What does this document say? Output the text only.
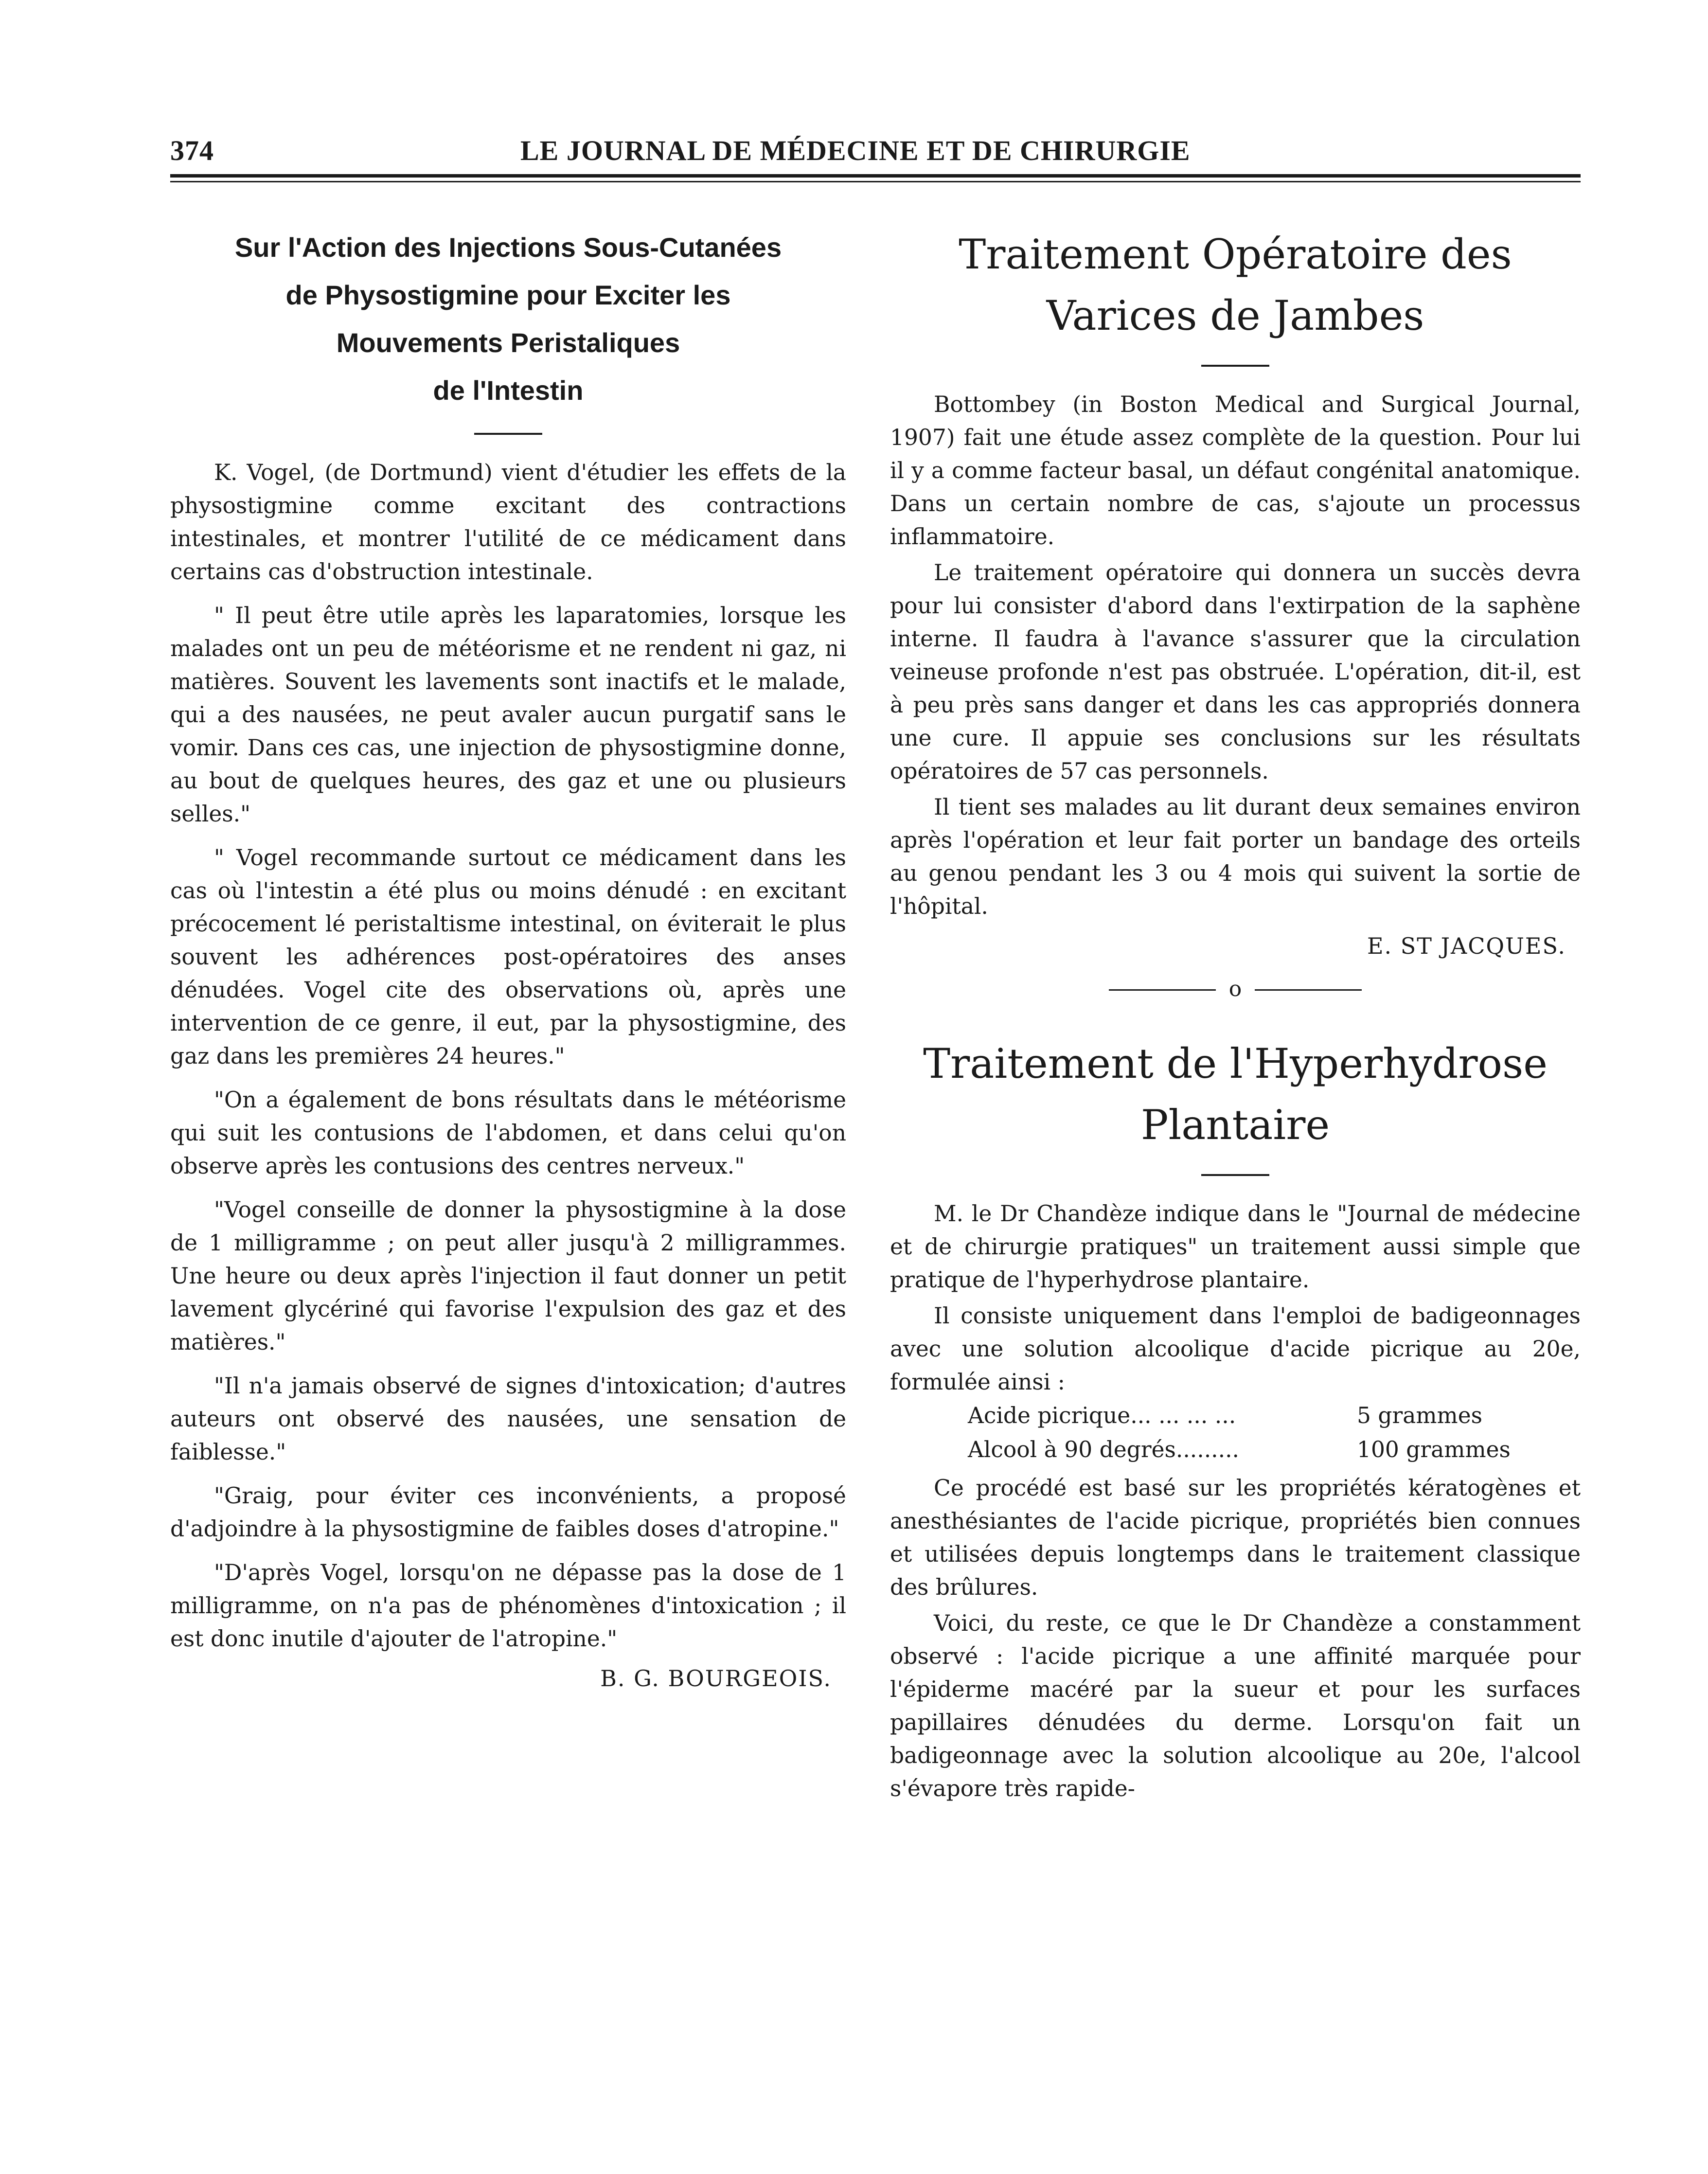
374	LE JOURNAL DE MÉDECINE ET DE CHIRURGIE
Sur l'Action des Injections Sous-Cutanées
de Physostigmine pour Exciter les
Mouvements Peristaliques
de l'Intestin

K. Vogel, (de Dortmund) vient d'étudier les effets de la physostigmine comme excitant des contractions intestinales, et montrer l'utilité de ce médicament dans certains cas d'obstruction intestinale.

" Il peut être utile après les laparatomies, lorsque les malades ont un peu de météorisme et ne rendent ni gaz, ni matières. Souvent les lavements sont inactifs et le malade, qui a des nausées, ne peut avaler aucun purgatif sans le vomir. Dans ces cas, une injection de physostigmine donne, au bout de quelques heures, des gaz et une ou plusieurs selles."

" Vogel recommande surtout ce médicament dans les cas où l'intestin a été plus ou moins dénudé : en excitant précocement lé peristaltisme intestinal, on éviterait le plus souvent les adhérences post-opératoires des anses dénudées. Vogel cite des observations où, après une intervention de ce genre, il eut, par la physostigmine, des gaz dans les premières 24 heures."

"On a également de bons résultats dans le météorisme qui suit les contusions de l'abdomen, et dans celui qu'on observe après les contusions des centres nerveux."

"Vogel conseille de donner la physostigmine à la dose de 1 milligramme ; on peut aller jusqu'à 2 milligrammes. Une heure ou deux après l'injection il faut donner un petit lavement glycériné qui favorise l'expulsion des gaz et des matières."

"Il n'a jamais observé de signes d'intoxication; d'autres auteurs ont observé des nausées, une sensation de faiblesse."

"Graig, pour éviter ces inconvénients, a proposé d'adjoindre à la physostigmine de faibles doses d'atropine."

"D'après Vogel, lorsqu'on ne dépasse pas la dose de 1 milligramme, on n'a pas de phénomènes d'intoxication ; il est donc inutile d'ajouter de l'atropine."

B. G. BOURGEOIS.
Traitement Opératoire des
Varices de Jambes

Bottombey (in Boston Medical and Surgical Journal, 1907) fait une étude assez complète de la question. Pour lui il y a comme facteur basal, un défaut congénital anatomique. Dans un certain nombre de cas, s'ajoute un processus inflammatoire.

Le traitement opératoire qui donnera un succès devra pour lui consister d'abord dans l'extirpation de la saphène interne. Il faudra à l'avance s'assurer que la circulation veineuse profonde n'est pas obstruée. L'opération, dit-il, est à peu près sans danger et dans les cas appropriés donnera une cure. Il appuie ses conclusions sur les résultats opératoires de 57 cas personnels.

Il tient ses malades au lit durant deux semaines environ après l'opération et leur fait porter un bandage des orteils au genou pendant les 3 ou 4 mois qui suivent la sortie de l'hôpital.

E. ST JACQUES.
o
Traitement de l'Hyperhydrose
Plantaire

M. le Dr Chandèze indique dans le "Journal de médecine et de chirurgie pratiques" un traitement aussi simple que pratique de l'hyperhydrose plantaire.

Il consiste uniquement dans l'emploi de badigeonnages avec une solution alcoolique d'acide picrique au 20e, formulée ainsi :

Acide picrique... ... ... ...	5 grammes
Alcool à 90 degrés.........	100 grammes

Ce procédé est basé sur les propriétés kératogènes et anesthésiantes de l'acide picrique, propriétés bien connues et utilisées depuis longtemps dans le traitement classique des brûlures.

Voici, du reste, ce que le Dr Chandèze a constamment observé : l'acide picrique a une affinité marquée pour l'épiderme macéré par la sueur et pour les surfaces papillaires dénudées du derme. Lorsqu'on fait un badigeonnage avec la solution alcoolique au 20e, l'alcool s'évapore très rapide-
